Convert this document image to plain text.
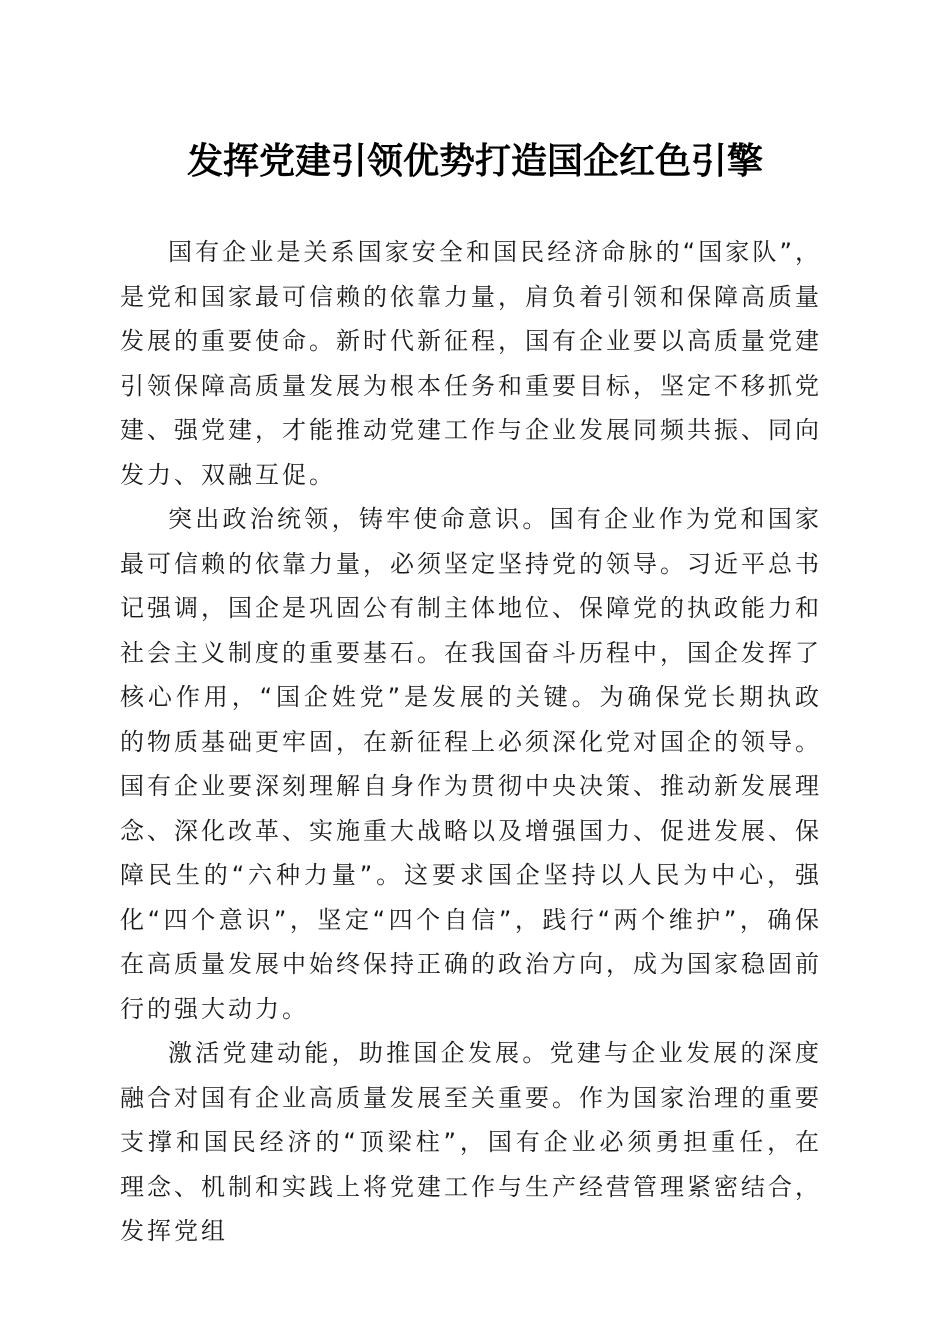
发挥党建引领优势打造国企红色引擎

国有企业是关系国家安全和国民经济命脉的“国家队”，是党和国家最可信赖的依靠力量，肩负着引领和保障高质量发展的重要使命。新时代新征程，国有企业要以高质量党建引领保障高质量发展为根本任务和重要目标，坚定不移抓党建、强党建，才能推动党建工作与企业发展同频共振、同向发力、双融互促。

突出政治统领，铸牢使命意识。国有企业作为党和国家最可信赖的依靠力量，必须坚定坚持党的领导。习近平总书记强调，国企是巩固公有制主体地位、保障党的执政能力和社会主义制度的重要基石。在我国奋斗历程中，国企发挥了核心作用，“国企姓党”是发展的关键。为确保党长期执政的物质基础更牢固，在新征程上必须深化党对国企的领导。国有企业要深刻理解自身作为贯彻中央决策、推动新发展理念、深化改革、实施重大战略以及增强国力、促进发展、保障民生的“六种力量”。这要求国企坚持以人民为中心，强化“四个意识”，坚定“四个自信”，践行“两个维护”，确保在高质量发展中始终保持正确的政治方向，成为国家稳固前行的强大动力。

激活党建动能，助推国企发展。党建与企业发展的深度融合对国有企业高质量发展至关重要。作为国家治理的重要支撑和国民经济的“顶梁柱”，国有企业必须勇担重任，在理念、机制和实践上将党建工作与生产经营管理紧密结合，发挥党组
